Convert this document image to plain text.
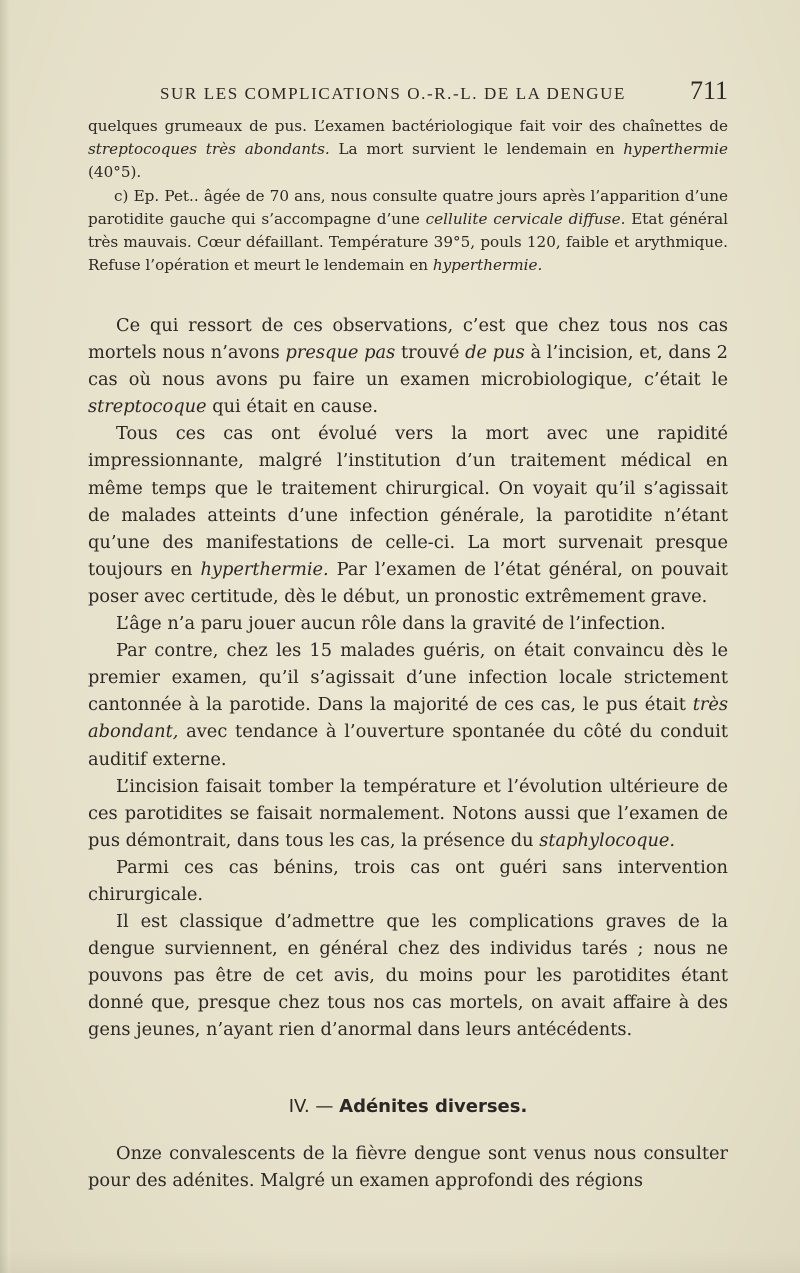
SUR LES COMPLICATIONS O.-R.-L. DE LA DENGUE 711

quelques grumeaux de pus. L’examen bactériologique fait voir des chaînettes de streptocoques très abondants. La mort survient le lendemain en hyperthermie (40°5).

c) Ep. Pet.. âgée de 70 ans, nous consulte quatre jours après l’apparition d’une parotidite gauche qui s’accompagne d’une cellulite cervicale diffuse. Etat général très mauvais. Cœur défaillant. Température 39°5, pouls 120, faible et arythmique. Refuse l’opération et meurt le lendemain en hyperthermie.

Ce qui ressort de ces observations, c’est que chez tous nos cas mortels nous n’avons presque pas trouvé de pus à l’incision, et, dans 2 cas où nous avons pu faire un examen microbiologique, c’était le streptocoque qui était en cause.

Tous ces cas ont évolué vers la mort avec une rapidité impressionnante, malgré l’institution d’un traitement médical en même temps que le traitement chirurgical. On voyait qu’il s’agissait de malades atteints d’une infection générale, la parotidite n’étant qu’une des manifestations de celle-ci. La mort survenait presque toujours en hyperthermie. Par l’examen de l’état général, on pouvait poser avec certitude, dès le début, un pronostic extrêmement grave.

L’âge n’a paru jouer aucun rôle dans la gravité de l’infection.

Par contre, chez les 15 malades guéris, on était convaincu dès le premier examen, qu’il s’agissait d’une infection locale strictement cantonnée à la parotide. Dans la majorité de ces cas, le pus était très abondant, avec tendance à l’ouverture spontanée du côté du conduit auditif externe.

L’incision faisait tomber la température et l’évolution ultérieure de ces parotidites se faisait normalement. Notons aussi que l’examen de pus démontrait, dans tous les cas, la présence du staphylocoque.

Parmi ces cas bénins, trois cas ont guéri sans intervention chirurgicale.

Il est classique d’admettre que les complications graves de la dengue surviennent, en général chez des individus tarés ; nous ne pouvons pas être de cet avis, du moins pour les parotidites étant donné que, presque chez tous nos cas mortels, on avait affaire à des gens jeunes, n’ayant rien d’anormal dans leurs antécédents.

IV. — Adénites diverses.

Onze convalescents de la fièvre dengue sont venus nous consulter pour des adénites. Malgré un examen approfondi des régions
